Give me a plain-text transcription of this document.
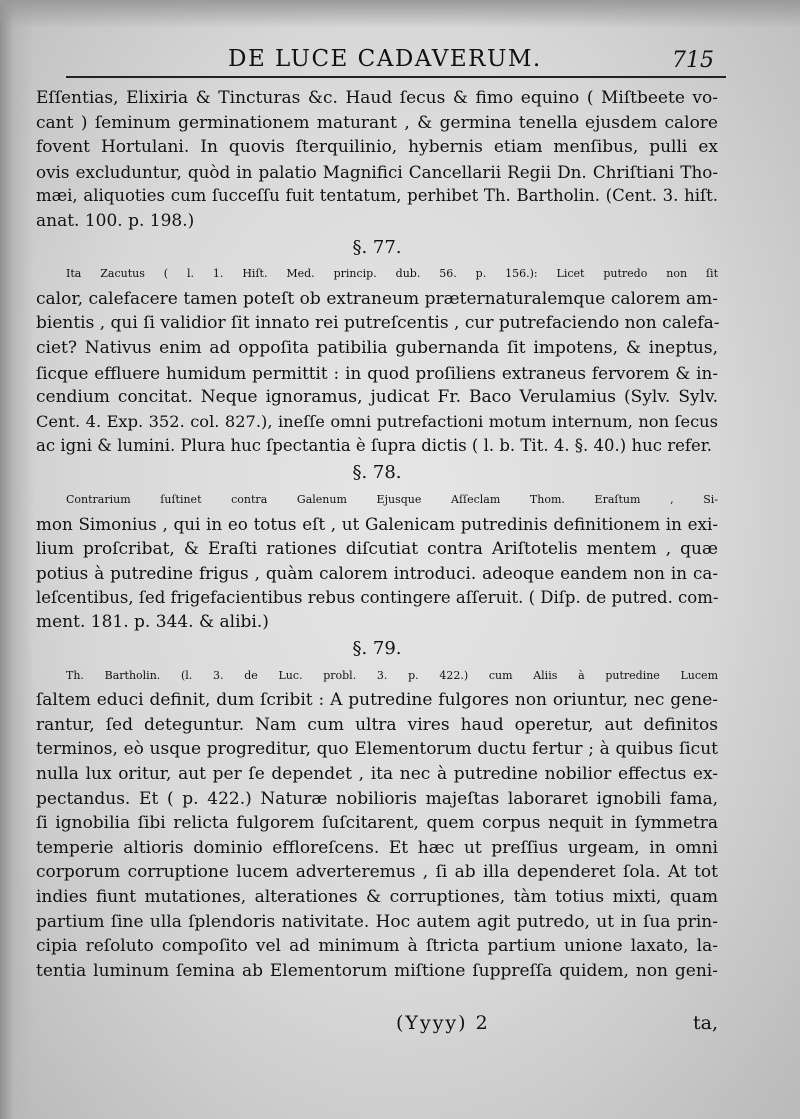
DE LUCE CADAVERUM.	715

Eſſentias, Elixiria & Tincturas &c. Haud ſecus & fimo equino ( Miſtbeete vo-
cant ) ſeminum germinationem maturant , & germina tenella ejusdem calore
fovent Hortulani. In quovis ſterquilinio, hybernis etiam menſibus, pulli ex
ovis excluduntur, quòd in palatio Magnifici Cancellarii Regii Dn. Chriſtiani Tho-
mæi, aliquoties cum ſucceſſu fuit tentatum, perhibet Th. Bartholin. (Cent. 3. hiſt.
anat. 100. p. 198.)

§. 77.

Ita Zacutus ( l. 1. Hiſt. Med. princip. dub. 56. p. 156.): Licet putredo non ſit
calor, calefacere tamen poteſt ob extraneum præternaturalemque calorem am-
bientis , qui ſi validior ſit innato rei putreſcentis , cur putrefaciendo non calefa-
ciet? Nativus enim ad oppoſita patibilia gubernanda ſit impotens, & ineptus,
ſicque effluere humidum permittit : in quod proſiliens extraneus fervorem & in-
cendium concitat. Neque ignoramus, judicat Fr. Baco Verulamius (Sylv. Sylv.
Cent. 4. Exp. 352. col. 827.), ineſſe omni putrefactioni motum internum, non ſecus
ac igni & lumini. Plura huc ſpectantia è ſupra dictis ( l. b. Tit. 4. §. 40.) huc refer.

§. 78.

Contrarium ſuſtinet contra Galenum Ejusque Aſſeclam Thom. Eraſtum , Si-
mon Simonius , qui in eo totus eſt , ut Galenicam putredinis definitionem in exi-
lium proſcribat, & Eraſti rationes diſcutiat contra Ariſtotelis mentem , quæ
potius à putredine frigus , quàm calorem introduci. adeoque eandem non in ca-
leſcentibus, ſed frigefacientibus rebus contingere aſſeruit. ( Diſp. de putred. com-
ment. 181. p. 344. & alibi.)

§. 79.

Th. Bartholin. (l. 3. de Luc. probl. 3. p. 422.) cum Aliis à putredine Lucem
ſaltem educi definit, dum ſcribit : A putredine fulgores non oriuntur, nec gene-
rantur, ſed deteguntur. Nam cum ultra vires haud operetur, aut definitos
terminos, eò usque progreditur, quo Elementorum ductu fertur ; à quibus ſicut
nulla lux oritur, aut per ſe dependet , ita nec à putredine nobilior effectus ex-
pectandus. Et ( p. 422.) Naturæ nobilioris majeſtas laboraret ignobili fama,
ſi ignobilia ſibi relicta fulgorem ſuſcitarent, quem corpus nequit in ſymmetra
temperie altioris dominio effloreſcens. Et hæc ut preſſius urgeam, in omni
corporum corruptione lucem adverteremus , ſi ab illa dependeret ſola. At tot
indies fiunt mutationes, alterationes & corruptiones, tàm totius mixti, quam
partium ſine ulla ſplendoris nativitate. Hoc autem agit putredo, ut in ſua prin-
cipia reſoluto compoſito vel ad minimum à ſtricta partium unione laxato, la-
tentia luminum ſemina ab Elementorum miſtione ſuppreſſa quidem, non geni-

(Yyyy) 2	ta,
